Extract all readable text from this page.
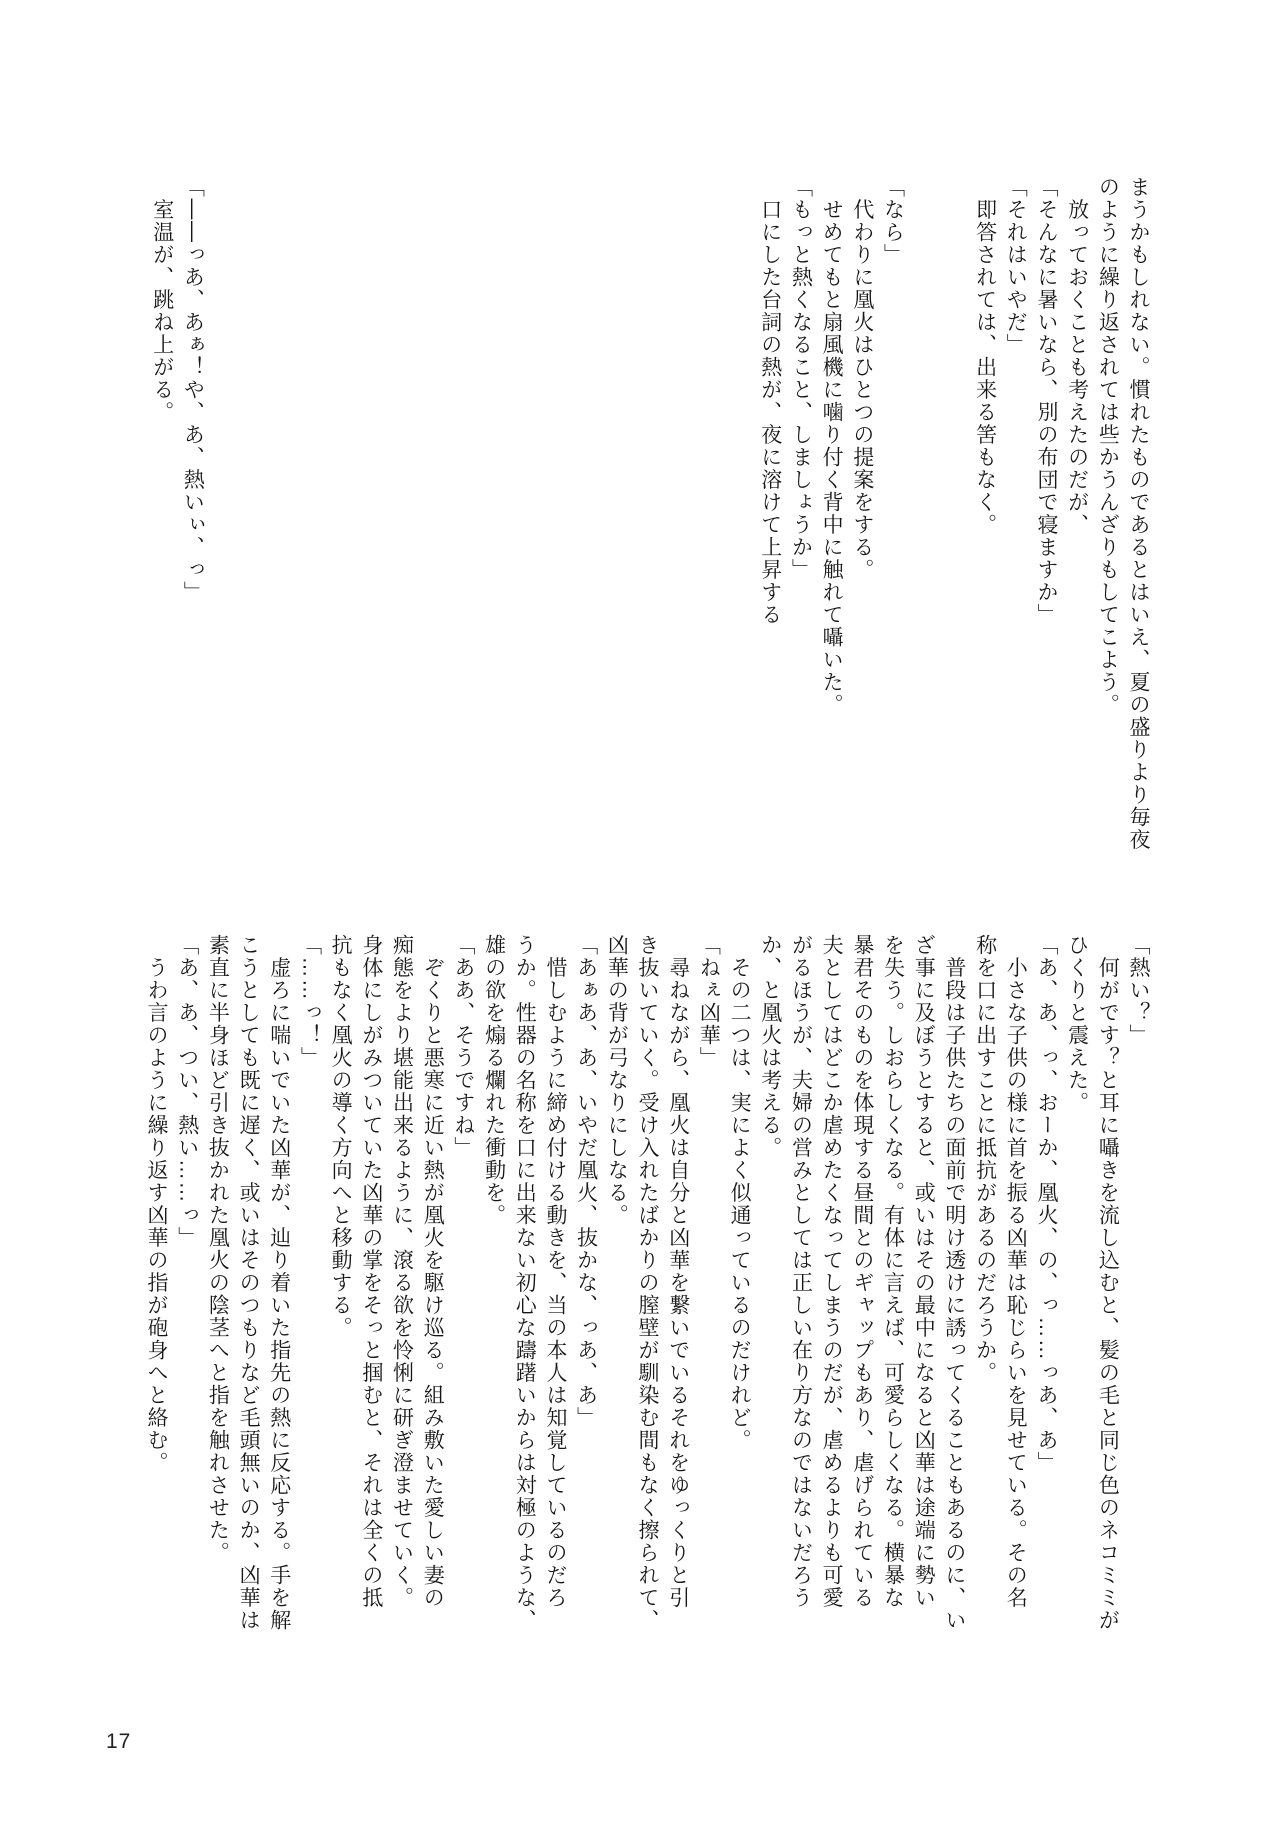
まうかもしれない。慣れたものであるとはいえ、夏の盛りより毎夜
のように繰り返されては些かうんざりもしてこよう。
　放っておくことも考えたのだが、
「そんなに暑いなら、別の布団で寝ますか」
「それはいやだ」
　即答されては、出来る筈もなく。
「なら」
　代わりに凰火はひとつの提案をする。
　せめてもと扇風機に噛り付く背中に触れて囁いた。
「もっと熱くなること、しましょうか」
　口にした台詞の熱が、夜に溶けて上昇する
「――っあ、あぁ！や、あ、熱いぃ、っ」
　室温が、跳ね上がる。
「熱い？」
　何がです？と耳に囁きを流し込むと、髪の毛と同じ色のネコミミが
ひくりと震えた。
「あ、あ、っ、おーか、凰火、の、っ……っあ、あ」
　小さな子供の様に首を振る凶華は恥じらいを見せている。その名
称を口に出すことに抵抗があるのだろうか。
　普段は子供たちの面前で明け透けに誘ってくることもあるのに、い
ざ事に及ぼうとすると、或いはその最中になると凶華は途端に勢い
を失う。しおらしくなる。有体に言えば、可愛らしくなる。横暴な
暴君そのものを体現する昼間とのギャップもあり、虐げられている
夫としてはどこか虐めたくなってしまうのだが、虐めるよりも可愛
がるほうが、夫婦の営みとしては正しい在り方なのではないだろう
か、と凰火は考える。
　その二つは、実によく似通っているのだけれど。
「ねぇ凶華」
　尋ねながら、凰火は自分と凶華を繋いでいるそれをゆっくりと引
き抜いていく。受け入れたばかりの膣壁が馴染む間もなく擦られて、
凶華の背が弓なりにしなる。
「あぁあ、あ、いやだ凰火、抜かな、っあ、あ」
　惜しむように締め付ける動きを、当の本人は知覚しているのだろ
うか。性器の名称を口に出来ない初心な躊躇いからは対極のような、
雄の欲を煽る爛れた衝動を。
「ああ、そうですね」
　ぞくりと悪寒に近い熱が凰火を駆け巡る。組み敷いた愛しい妻の
痴態をより堪能出来るように、滾る欲を怜悧に研ぎ澄ませていく。
身体にしがみついていた凶華の掌をそっと掴むと、それは全くの抵
抗もなく凰火の導く方向へと移動する。
「……っ！」
　虚ろに喘いでいた凶華が、辿り着いた指先の熱に反応する。手を解
こうとしても既に遅く、或いはそのつもりなど毛頭無いのか、凶華は
素直に半身ほど引き抜かれた凰火の陰茎へと指を触れさせた。
「あ、あ、つい、熱い……っ」
　うわ言のように繰り返す凶華の指が砲身へと絡む。
17
